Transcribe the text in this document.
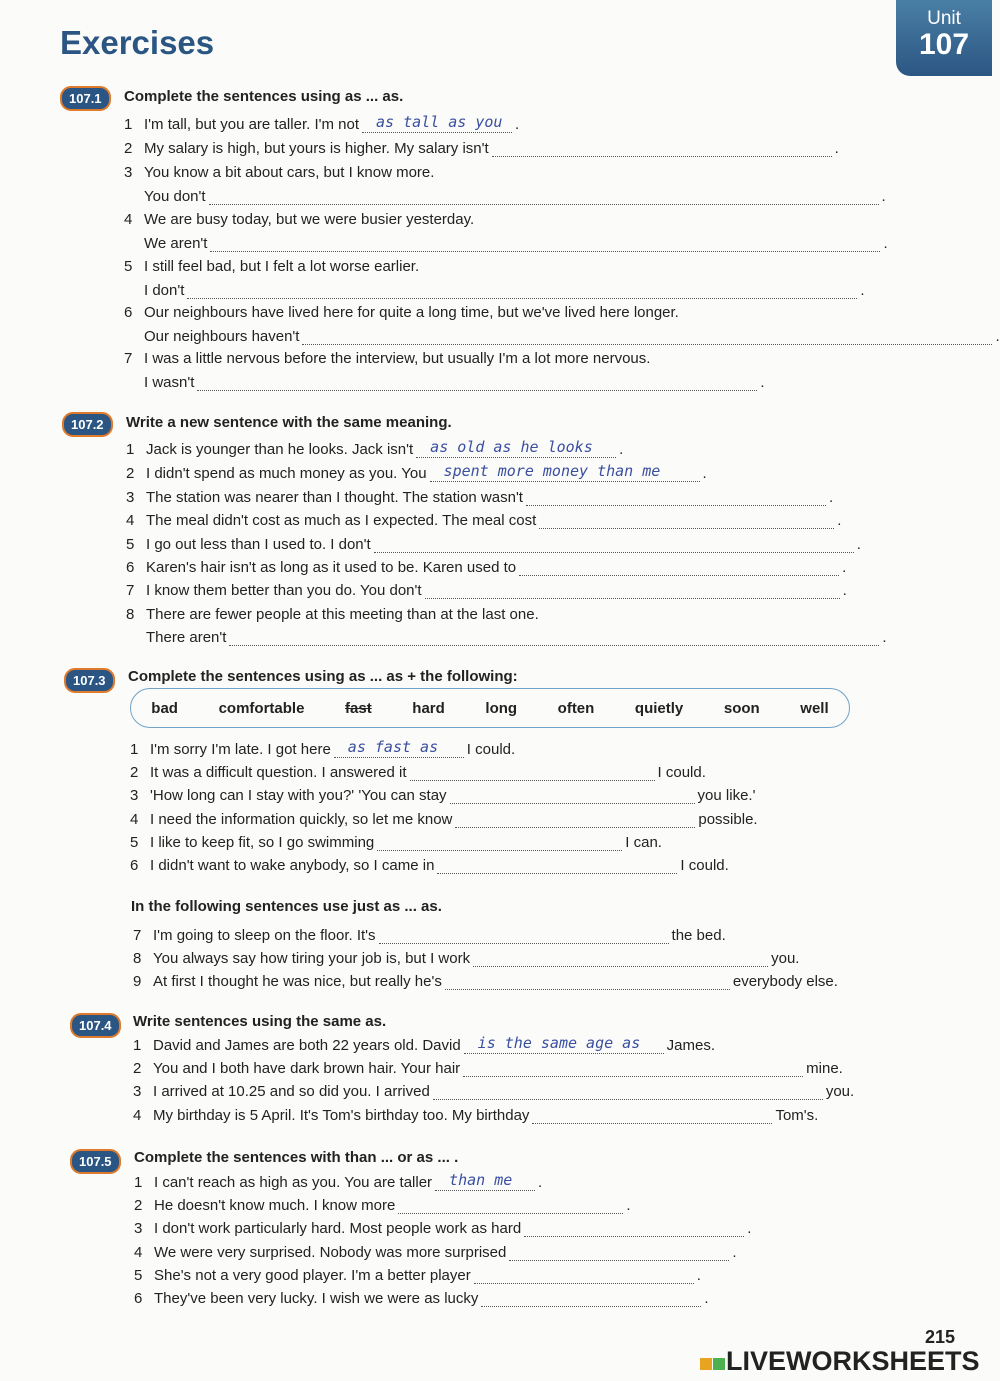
Exercises
Unit
107
107.1	Complete the sentences using as ... as.
1 I'm tall, but you are taller. I'm not as tall as you .
2 My salary is high, but yours is higher. My salary isn't	.
3 You know a bit about cars, but I know more.
You don't	.
4 We are busy today, but we were busier yesterday.
We aren't	.
5 I still feel bad, but I felt a lot worse earlier.
I don't	.
6 Our neighbours have lived here for quite a long time, but we've lived here longer.
Our neighbours haven't	.
7 I was a little nervous before the interview, but usually I'm a lot more nervous.
I wasn't	.
107.2	Write a new sentence with the same meaning.
1 Jack is younger than he looks. Jack isn't as old as he looks .
2 I didn't spend as much money as you. You spent more money than me	.
3 The station was nearer than I thought. The station wasn't	.
4 The meal didn't cost as much as I expected. The meal cost	.
5 I go out less than I used to. I don't	.
6 Karen's hair isn't as long as it used to be. Karen used to	.
7 I know them better than you do. You don't	.
8 There are fewer people at this meeting than at the last one.
There aren't	.
107.3	Complete the sentences using as ... as + the following:
bad	comfortable	fast	hard	long	often	quietly	soon	well
1 I'm sorry I'm late. I got here as fast as I could.
2 It was a difficult question. I answered it	I could.
3 'How long can I stay with you?' 'You can stay	you like.'
4 I need the information quickly, so let me know	possible.
5 I like to keep fit, so I go swimming	I can.
6 I didn't want to wake anybody, so I came in	I could.
In the following sentences use just as ... as.
7 I'm going to sleep on the floor. It's	the bed.
8 You always say how tiring your job is, but I work	you.
9 At first I thought he was nice, but really he's	everybody else.
107.4	Write sentences using the same as.
1 David and James are both 22 years old. David is the same age as James.
2 You and I both have dark brown hair. Your hair	mine.
3 I arrived at 10.25 and so did you. I arrived	you.
4 My birthday is 5 April. It's Tom's birthday too. My birthday	Tom's.
107.5	Complete the sentences with than ... or as ... .
1 I can't reach as high as you. You are taller than me .
2 He doesn't know much. I know more	.
3 I don't work particularly hard. Most people work as hard	.
4 We were very surprised. Nobody was more surprised	.
5 She's not a very good player. I'm a better player	.
6 They've been very lucky. I wish we were as lucky	.
215
LIVEWORKSHEETS
